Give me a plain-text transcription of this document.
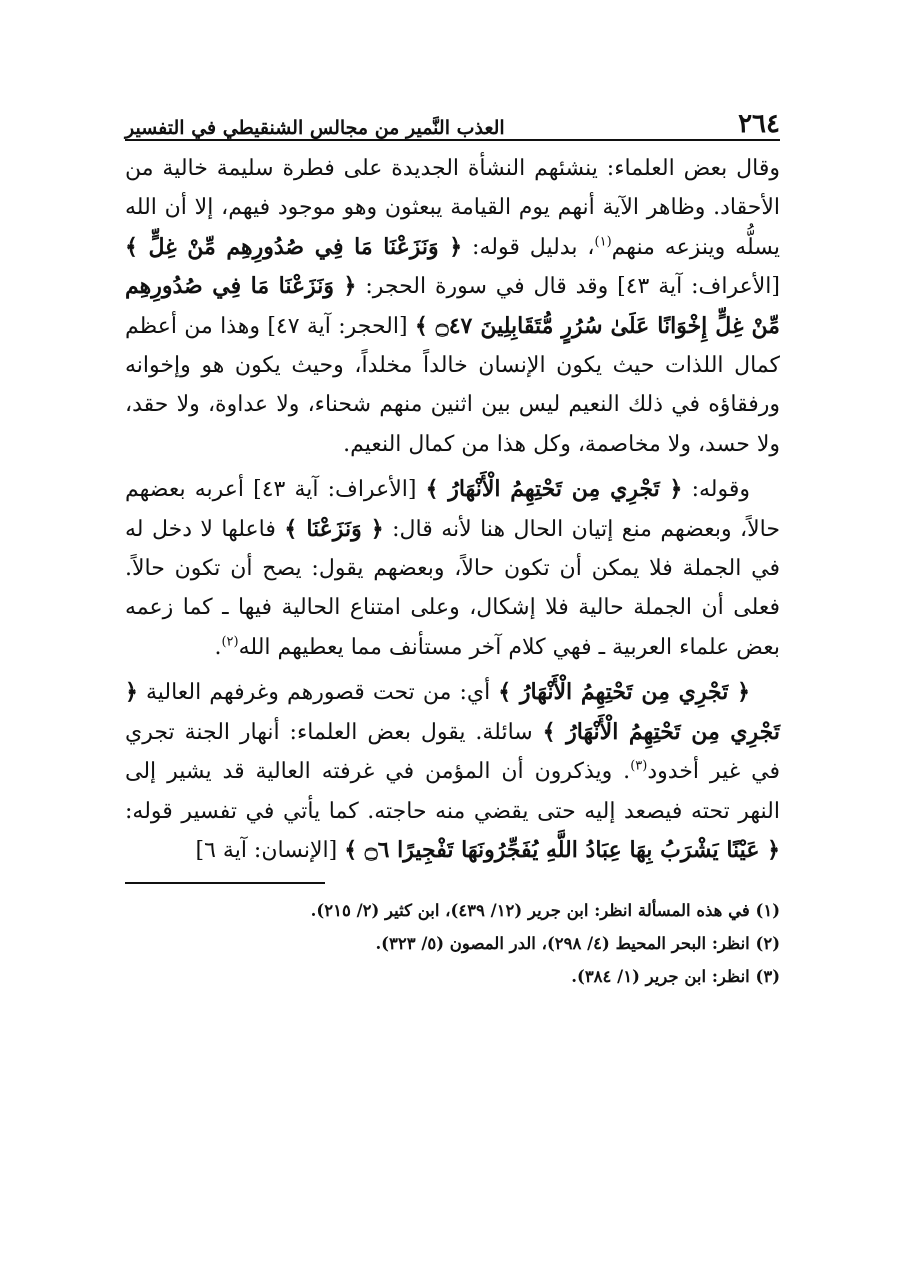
٢٦٤
العذب النَّمير من مجالس الشنقيطي في التفسير

وقال بعض العلماء: ينشئهم النشأة الجديدة على فطرة سليمة خالية من الأحقاد. وظاهر الآية أنهم يوم القيامة يبعثون وهو موجود فيهم، إلا أن الله يسلُّه وينزعه منهم$^{(١)}$، بدليل قوله: ﴿ وَنَزَعْنَا مَا فِي صُدُورِهِم مِّنْ غِلٍّ ﴾ [الأعراف: آية ٤٣] وقد قال في سورة الحجر: ﴿ وَنَزَعْنَا مَا فِي صُدُورِهِم مِّنْ غِلٍّ إِخْوَانًا عَلَىٰ سُرُرٍ مُّتَقَابِلِينَ ۝٤٧ ﴾ [الحجر: آية ٤٧] وهذا من أعظم كمال اللذات حيث يكون الإنسان خالداً مخلداً، وحيث يكون هو وإخوانه ورفقاؤه في ذلك النعيم ليس بين اثنين منهم شحناء، ولا عداوة، ولا حقد، ولا حسد، ولا مخاصمة، وكل هذا من كمال النعيم.

وقوله: ﴿ تَجْرِي مِن تَحْتِهِمُ الْأَنْهَارُ ﴾ [الأعراف: آية ٤٣] أعربه بعضهم حالاً، وبعضهم منع إتيان الحال هنا لأنه قال: ﴿ وَنَزَعْنَا ﴾ فاعلها لا دخل له في الجملة فلا يمكن أن تكون حالاً، وبعضهم يقول: يصح أن تكون حالاً. فعلى أن الجملة حالية فلا إشكال، وعلى امتناع الحالية فيها ـ كما زعمه بعض علماء العربية ـ فهي كلام آخر مستأنف مما يعطيهم الله$^{(٢)}$.

﴿ تَجْرِي مِن تَحْتِهِمُ الْأَنْهَارُ ﴾ أي: من تحت قصورهم وغرفهم العالية ﴿ تَجْرِي مِن تَحْتِهِمُ الْأَنْهَارُ ﴾ سائلة. يقول بعض العلماء: أنهار الجنة تجري في غير أخدود$^{(٣)}$. ويذكرون أن المؤمن في غرفته العالية قد يشير إلى النهر تحته فيصعد إليه حتى يقضي منه حاجته. كما يأتي في تفسير قوله: ﴿ عَيْنًا يَشْرَبُ بِهَا عِبَادُ اللَّهِ يُفَجِّرُونَهَا تَفْجِيرًا ۝٦ ﴾ [الإنسان: آية ٦]

(١) في هذه المسألة انظر: ابن جرير (١٢/ ٤٣٩)، ابن كثير (٢/ ٢١٥).

(٢) انظر: البحر المحيط (٤/ ٢٩٨)، الدر المصون (٥/ ٣٢٣).

(٣) انظر: ابن جرير (١/ ٣٨٤).
